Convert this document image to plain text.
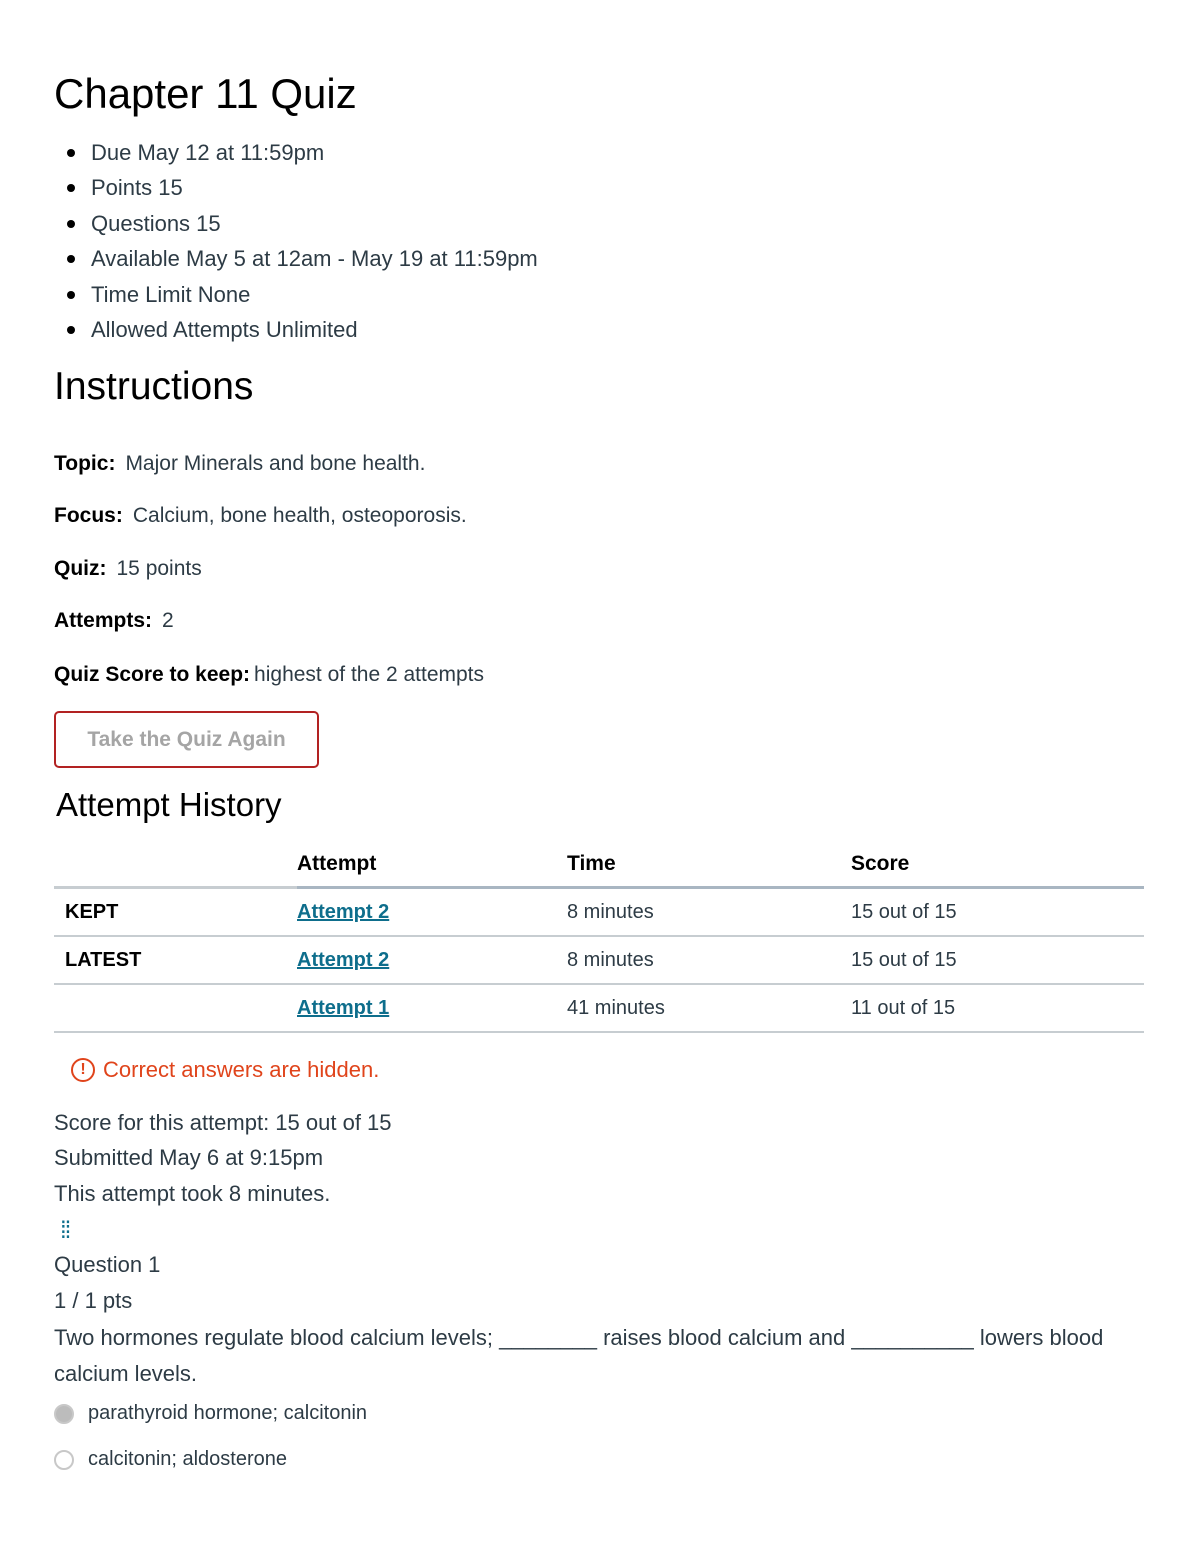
Chapter 11 Quiz
Due May 12 at 11:59pm
Points 15
Questions 15
Available May 5 at 12am - May 19 at 11:59pm
Time Limit None
Allowed Attempts Unlimited
Instructions

Topic: Major Minerals and bone health.

Focus: Calcium, bone health, osteoporosis.

Quiz: 15 points

Attempts: 2

Quiz Score to keep: highest of the 2 attempts

Take the Quiz Again
Attempt History
	Attempt	Time	Score
KEPT	Attempt 2	8 minutes	15 out of 15
LATEST	Attempt 2	8 minutes	15 out of 15
	Attempt 1	41 minutes	11 out of 15
! Correct answers are hidden.

Score for this attempt: 15 out of 15

Submitted May 6 at 9:15pm

This attempt took 8 minutes.

⁞⁞

Question 1

1 / 1 pts

Two hormones regulate blood calcium levels; ________ raises blood calcium and __________ lowers blood calcium levels.

parathyroid hormone; calcitonin
calcitonin; aldosterone
